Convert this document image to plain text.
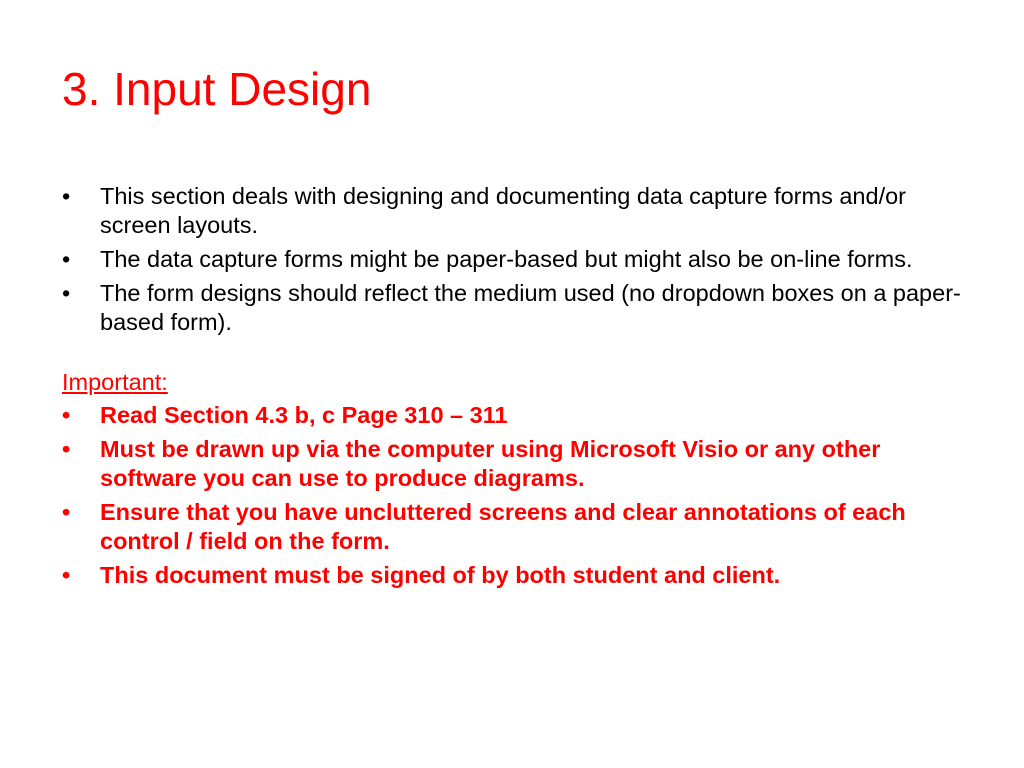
3. Input Design
•	This section deals with designing and documenting data capture forms and/or screen layouts.
•	The data capture forms might be paper-based but might also be on-line forms.
•	The form designs should reflect the medium used (no dropdown boxes on a paper-based form).
Important:
•	Read Section 4.3 b, c Page 310 – 311
•	Must be drawn up via the computer using Microsoft Visio or any other software you can use to produce diagrams.
•	Ensure that you have uncluttered screens and clear annotations of each control / field on the form.
•	This document must be signed of by both student and client.
